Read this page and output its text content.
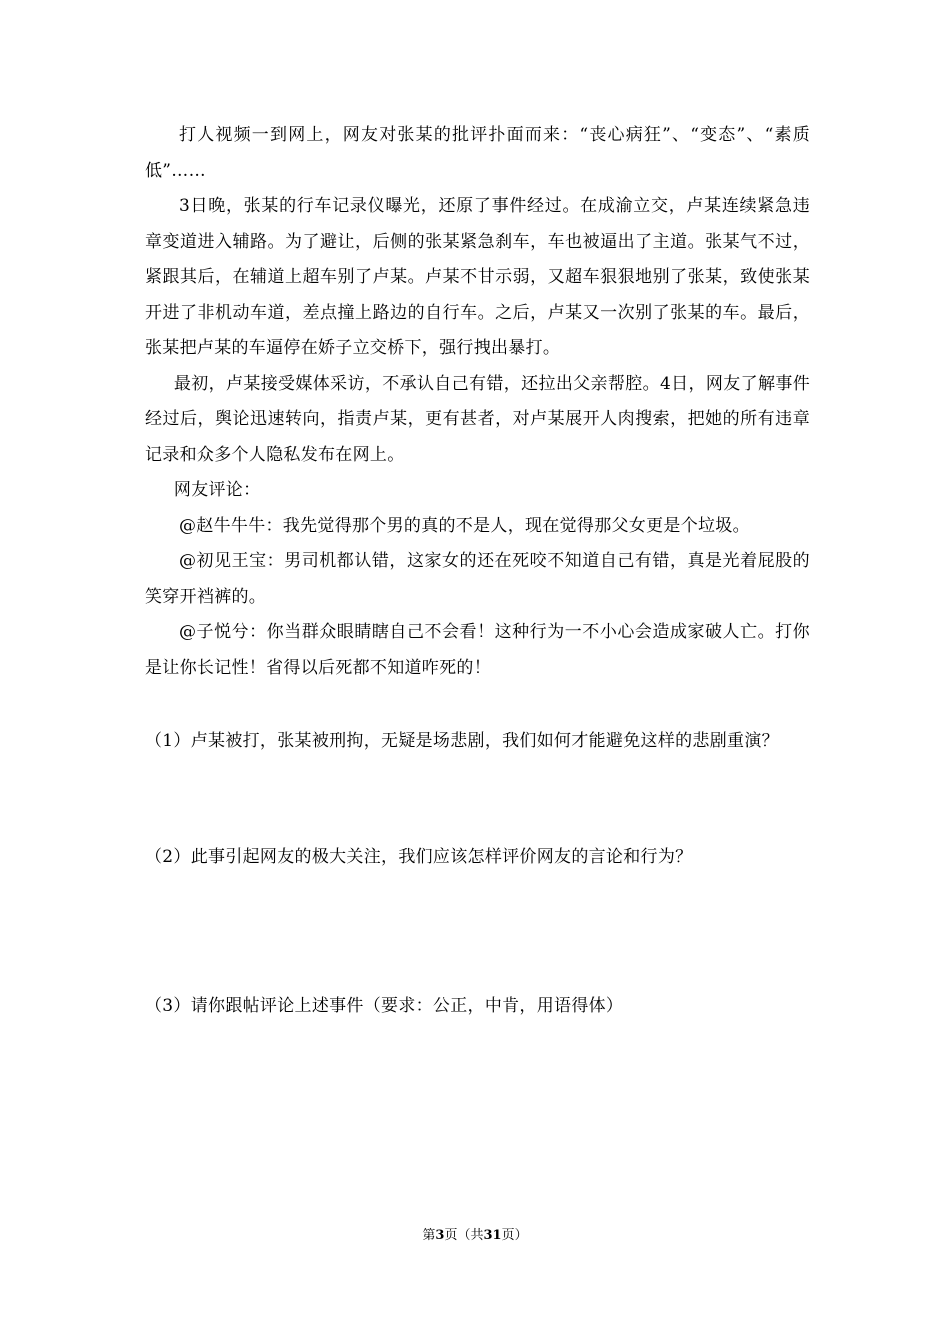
打人视频一到网上，网友对张某的批评扑面而来：“丧心病狂”、“变态”、“素质低”……

3日晚，张某的行车记录仪曝光，还原了事件经过。在成渝立交，卢某连续紧急违章变道进入辅路。为了避让，后侧的张某紧急刹车，车也被逼出了主道。张某气不过，紧跟其后，在辅道上超车别了卢某。卢某不甘示弱，又超车狠狠地别了张某，致使张某开进了非机动车道，差点撞上路边的自行车。之后，卢某又一次别了张某的车。最后，张某把卢某的车逼停在娇子立交桥下，强行拽出暴打。

最初，卢某接受媒体采访，不承认自己有错，还拉出父亲帮腔。4日，网友了解事件经过后，舆论迅速转向，指责卢某，更有甚者，对卢某展开人肉搜索，把她的所有违章记录和众多个人隐私发布在网上。

网友评论：

@赵牛牛牛：我先觉得那个男的真的不是人，现在觉得那父女更是个垃圾。

@初见王宝：男司机都认错，这家女的还在死咬不知道自己有错，真是光着屁股的笑穿开裆裤的。

@子悦兮：你当群众眼睛瞎自己不会看！这种行为一不小心会造成家破人亡。打你是让你长记性！省得以后死都不知道咋死的！

（1）卢某被打，张某被刑拘，无疑是场悲剧，我们如何才能避免这样的悲剧重演？

（2）此事引起网友的极大关注，我们应该怎样评价网友的言论和行为？

（3）请你跟帖评论上述事件（要求：公正，中肯，用语得体）

第3页（共31页）
